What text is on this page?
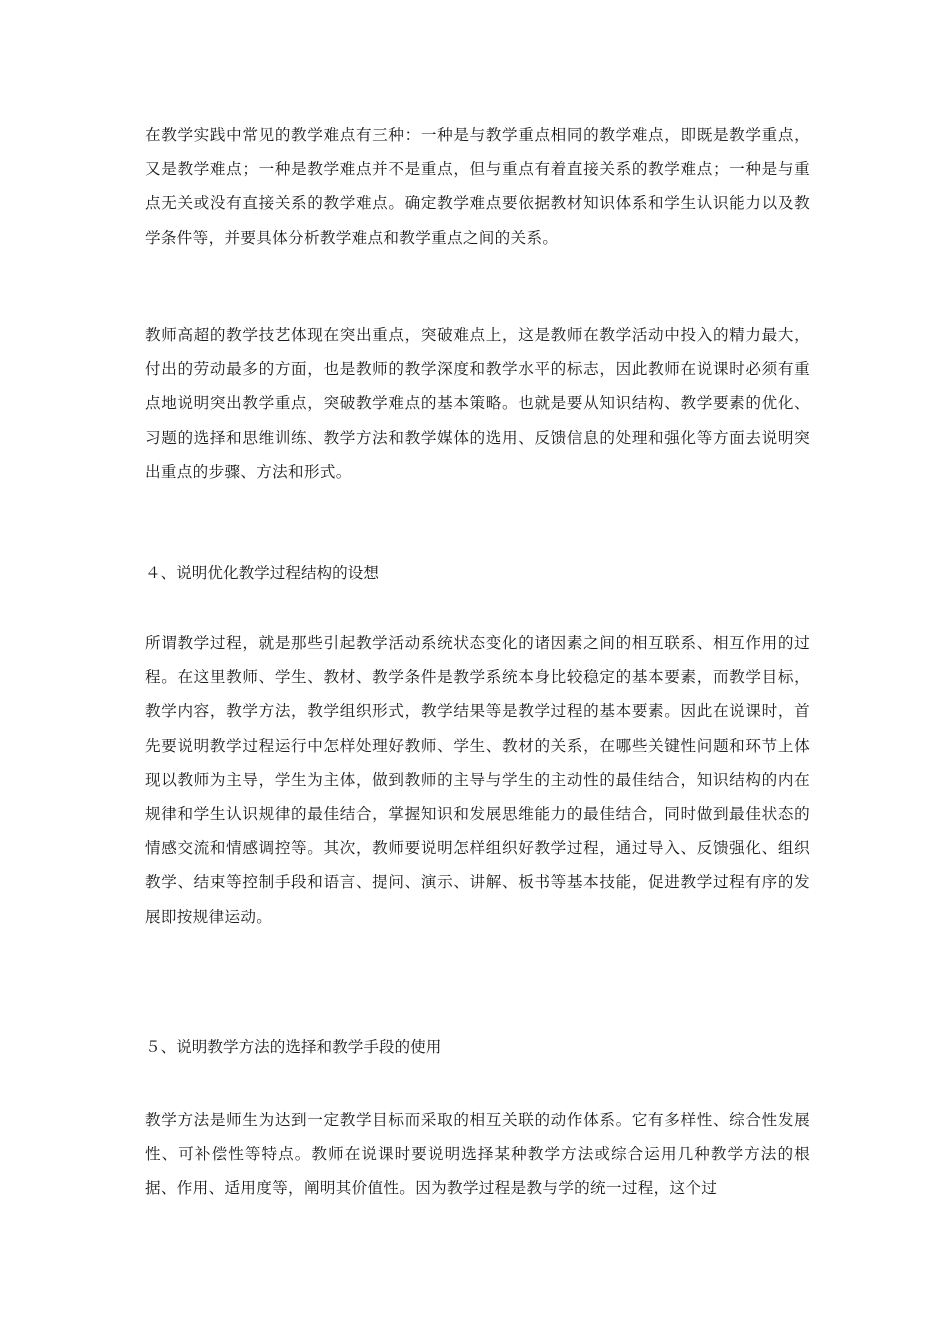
在教学实践中常见的教学难点有三种：一种是与教学重点相同的教学难点，即既是教学重点，又是教学难点；一种是教学难点并不是重点，但与重点有着直接关系的教学难点；一种是与重点无关或没有直接关系的教学难点。确定教学难点要依据教材知识体系和学生认识能力以及教学条件等，并要具体分析教学难点和教学重点之间的关系。

教师高超的教学技艺体现在突出重点，突破难点上，这是教师在教学活动中投入的精力最大，付出的劳动最多的方面，也是教师的教学深度和教学水平的标志，因此教师在说课时必须有重点地说明突出教学重点，突破教学难点的基本策略。也就是要从知识结构、教学要素的优化、习题的选择和思维训练、教学方法和教学媒体的选用、反馈信息的处理和强化等方面去说明突出重点的步骤、方法和形式。

４、说明优化教学过程结构的设想

所谓教学过程，就是那些引起教学活动系统状态变化的诸因素之间的相互联系、相互作用的过程。在这里教师、学生、教材、教学条件是教学系统本身比较稳定的基本要素，而教学目标，教学内容，教学方法，教学组织形式，教学结果等是教学过程的基本要素。因此在说课时，首先要说明教学过程运行中怎样处理好教师、学生、教材的关系，在哪些关键性问题和环节上体现以教师为主导，学生为主体，做到教师的主导与学生的主动性的最佳结合，知识结构的内在规律和学生认识规律的最佳结合，掌握知识和发展思维能力的最佳结合，同时做到最佳状态的情感交流和情感调控等。其次，教师要说明怎样组织好教学过程，通过导入、反馈强化、组织教学、结束等控制手段和语言、提问、演示、讲解、板书等基本技能，促进教学过程有序的发展即按规律运动。

５、说明教学方法的选择和教学手段的使用

教学方法是师生为达到一定教学目标而采取的相互关联的动作体系。它有多样性、综合性发展性、可补偿性等特点。教师在说课时要说明选择某种教学方法或综合运用几种教学方法的根据、作用、适用度等，阐明其价值性。因为教学过程是教与学的统一过程，这个过
